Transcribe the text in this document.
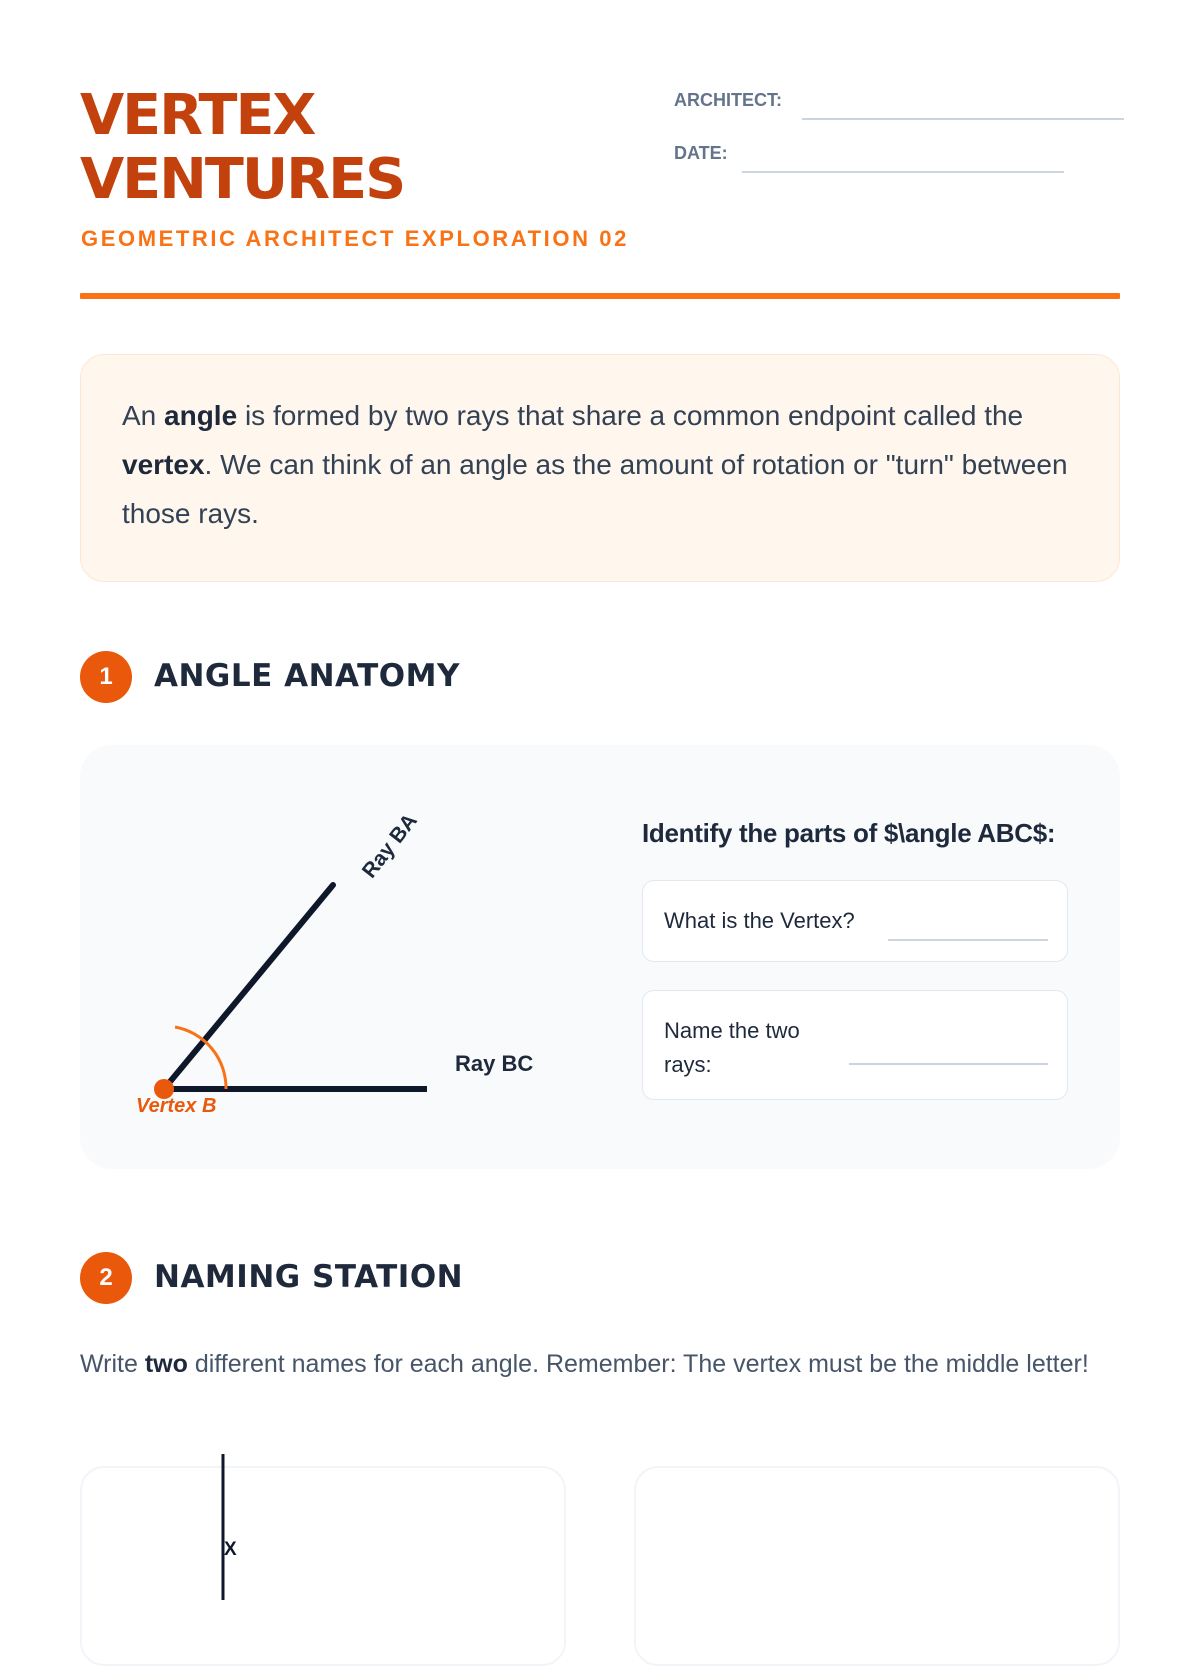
VERTEX
VENTURES
GEOMETRIC ARCHITECT EXPLORATION 02
ARCHITECT:
DATE:
An angle is formed by two rays that share a common endpoint called the vertex. We can think of an angle as the amount of rotation or "turn" between those rays.
1	ANGLE ANATOMY
Ray BA
Ray BC
Vertex B
Identify the parts of $\angle ABC$:
What is the Vertex?
Name the two rays:
2	NAMING STATION
Write two different names for each angle. Remember: The vertex must be the middle letter!
X
